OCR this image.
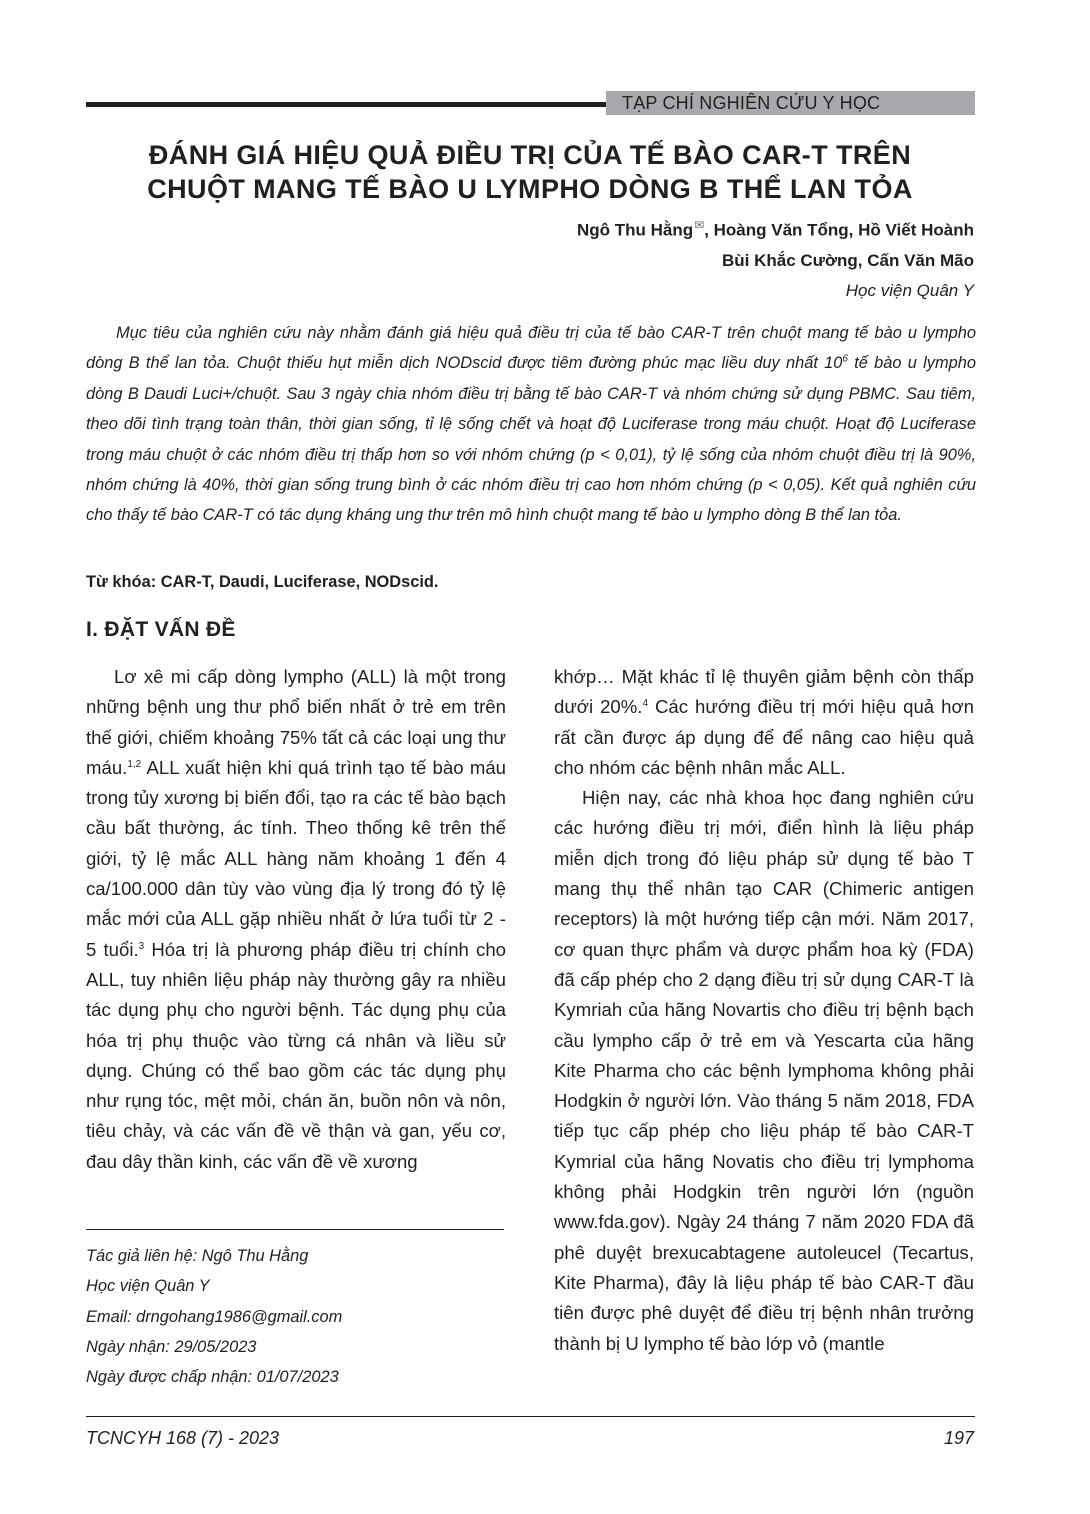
TẠP CHÍ NGHIÊN CỨU Y HỌC
ĐÁNH GIÁ HIỆU QUẢ ĐIỀU TRỊ CỦA TẾ BÀO CAR-T TRÊN
CHUỘT MANG TẾ BÀO U LYMPHO DÒNG B THỂ LAN TỎA
Ngô Thu Hằng✉, Hoàng Văn Tổng, Hồ Viết Hoành
Bùi Khắc Cường, Cấn Văn Mão
Học viện Quân Y
Mục tiêu của nghiên cứu này nhằm đánh giá hiệu quả điều trị của tế bào CAR-T trên chuột mang tế bào u lympho dòng B thể lan tỏa. Chuột thiếu hụt miễn dịch NODscid được tiêm đường phúc mạc liều duy nhất $10^6$ tế bào u lympho dòng B Daudi Luci+/chuột. Sau 3 ngày chia nhóm điều trị bằng tế bào CAR-T và nhóm chứng sử dụng PBMC. Sau tiêm, theo dõi tình trạng toàn thân, thời gian sống, tỉ lệ sống chết và hoạt độ Luciferase trong máu chuột. Hoạt độ Luciferase trong máu chuột ở các nhóm điều trị thấp hơn so với nhóm chứng (p < 0,01), tỷ lệ sống của nhóm chuột điều trị là 90%, nhóm chứng là 40%, thời gian sống trung bình ở các nhóm điều trị cao hơn nhóm chứng (p < 0,05). Kết quả nghiên cứu cho thấy tế bào CAR-T có tác dụng kháng ung thư trên mô hình chuột mang tế bào u lympho dòng B thể lan tỏa.
Từ khóa: CAR-T, Daudi, Luciferase, NODscid.
I. ĐẶT VẤN ĐỀ

Lơ xê mi cấp dòng lympho (ALL) là một trong những bệnh ung thư phổ biến nhất ở trẻ em trên thế giới, chiếm khoảng 75% tất cả các loại ung thư máu.$^{1,2}$ ALL xuất hiện khi quá trình tạo tế bào máu trong tủy xương bị biến đổi, tạo ra các tế bào bạch cầu bất thường, ác tính. Theo thống kê trên thế giới, tỷ lệ mắc ALL hàng năm khoảng 1 đến 4 ca/100.000 dân tùy vào vùng địa lý trong đó tỷ lệ mắc mới của ALL gặp nhiều nhất ở lứa tuổi từ 2 - 5 tuổi.$^3$ Hóa trị là phương pháp điều trị chính cho ALL, tuy nhiên liệu pháp này thường gây ra nhiều tác dụng phụ cho người bệnh. Tác dụng phụ của hóa trị phụ thuộc vào từng cá nhân và liều sử dụng. Chúng có thể bao gồm các tác dụng phụ như rụng tóc, mệt mỏi, chán ăn, buồn nôn và nôn, tiêu chảy, và các vấn đề về thận và gan, yếu cơ, đau dây thần kinh, các vấn đề về xương

khớp… Mặt khác tỉ lệ thuyên giảm bệnh còn thấp dưới 20%.$^4$ Các hướng điều trị mới hiệu quả hơn rất cần được áp dụng để để nâng cao hiệu quả cho nhóm các bệnh nhân mắc ALL.

Hiện nay, các nhà khoa học đang nghiên cứu các hướng điều trị mới, điển hình là liệu pháp miễn dịch trong đó liệu pháp sử dụng tế bào T mang thụ thể nhân tạo CAR (Chimeric antigen receptors) là một hướng tiếp cận mới. Năm 2017, cơ quan thực phẩm và dược phẩm hoa kỳ (FDA) đã cấp phép cho 2 dạng điều trị sử dụng CAR-T là Kymriah của hãng Novartis cho điều trị bệnh bạch cầu lympho cấp ở trẻ em và Yescarta của hãng Kite Pharma cho các bệnh lymphoma không phải Hodgkin ở người lớn. Vào tháng 5 năm 2018, FDA tiếp tục cấp phép cho liệu pháp tế bào CAR-T Kymrial của hãng Novatis cho điều trị lymphoma không phải Hodgkin trên người lớn (nguồn www.fda.gov). Ngày 24 tháng 7 năm 2020 FDA đã phê duyệt brexucabtagene autoleucel (Tecartus, Kite Pharma), đây là liệu pháp tế bào CAR-T đầu tiên được phê duyệt để điều trị bệnh nhân trưởng thành bị U lympho tế bào lớp vỏ (mantle

Tác giả liên hệ: Ngô Thu Hằng
Học viện Quân Y
Email: drngohang1986@gmail.com
Ngày nhận: 29/05/2023
Ngày được chấp nhận: 01/07/2023
TCNCYH 168 (7) - 2023	197
